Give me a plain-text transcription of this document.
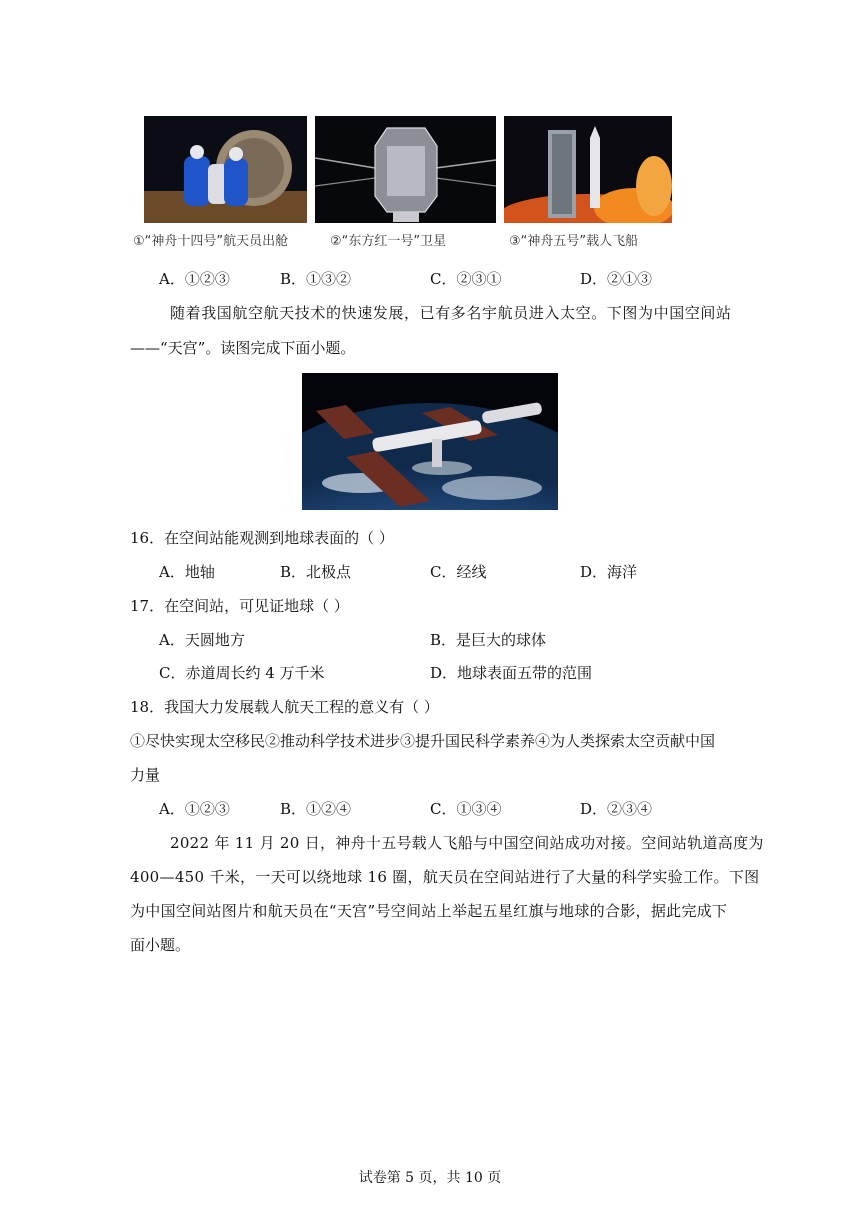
①“神舟十四号”航天员出舱	②“东方红一号”卫星	③“神舟五号”载人飞船
A．①②③	B．①③②	C．②③①	D．②①③
随着我国航空航天技术的快速发展，已有多名宇航员进入太空。下图为中国空间站
——“天宫”。读图完成下面小题。
16．在空间站能观测到地球表面的（ ）
A．地轴	B．北极点	C．经线	D．海洋
17．在空间站，可见证地球（ ）
A．天圆地方	B．是巨大的球体
C．赤道周长约 4 万千米	D．地球表面五带的范围
18．我国大力发展载人航天工程的意义有（ ）
①尽快实现太空移民②推动科学技术进步③提升国民科学素养④为人类探索太空贡献中国
力量
A．①②③	B．①②④	C．①③④	D．②③④
2022 年 11 月 20 日，神舟十五号载人飞船与中国空间站成功对接。空间站轨道高度为
400—450 千米，一天可以绕地球 16 圈，航天员在空间站进行了大量的科学实验工作。下图
为中国空间站图片和航天员在“天宫”号空间站上举起五星红旗与地球的合影，据此完成下
面小题。
试卷第 5 页，共 10 页
